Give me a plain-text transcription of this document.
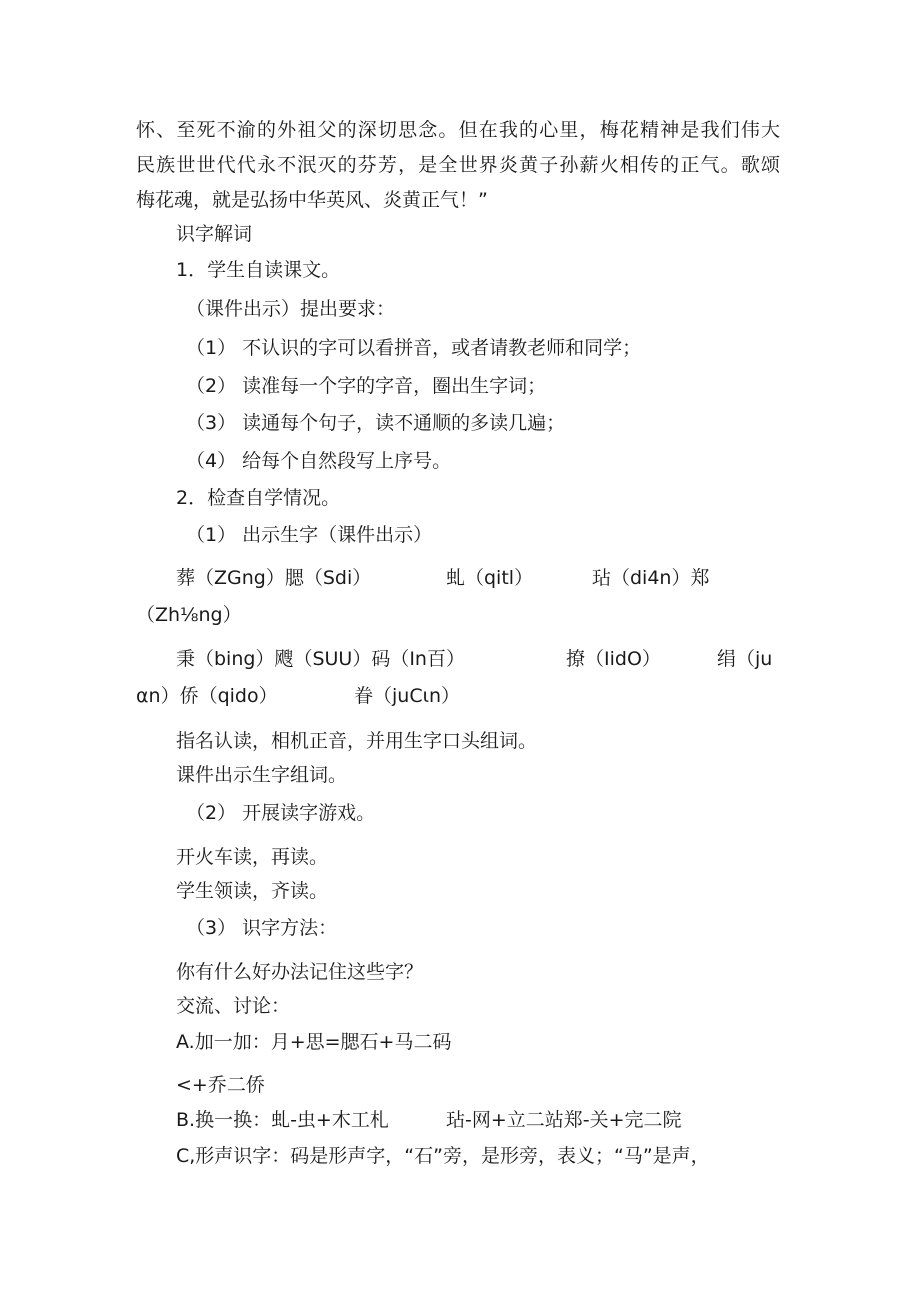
怀、至死不渝的外祖父的深切思念。但在我的心里，梅花精神是我们伟大
民族世世代代永不泯灭的芬芳，是全世界炎黄子孙薪火相传的正气。歌颂
梅花魂，就是弘扬中华英风、炎黄正气！”
识字解词
1．学生自读课文。
（课件出示）提出要求：
（1） 不认识的字可以看拼音，或者请教老师和同学；
（2） 读准每一个字的字音，圈出生字词；
（3） 读通每个句子，读不通顺的多读几遍；
（4） 给每个自然段写上序号。
2．检查自学情况。
（1） 出示生字（课件出示）
葬（ZGng）腮（Sdi）	虬（qitl）	玷（di4n）郑
（Zh⅛ng）
秉（bing）飕（SUU）码（In百）	撩（IidO）	绢（ju
αn）侨（qido）	眷（juCιn）
指名认读，相机正音，并用生字口头组词。
课件出示生字组词。
（2） 开展读字游戏。
开火车读，再读。
学生领读，齐读。
（3） 识字方法：
你有什么好办法记住这些字？
交流、讨论：
A.加一加：月+思=腮石+马二码
<+乔二侨
B.换一换：虬-虫+木工札	玷-网+立二站郑-关+完二院
C,形声识字：码是形声字，“石”旁，是形旁，表义；“马”是声，
